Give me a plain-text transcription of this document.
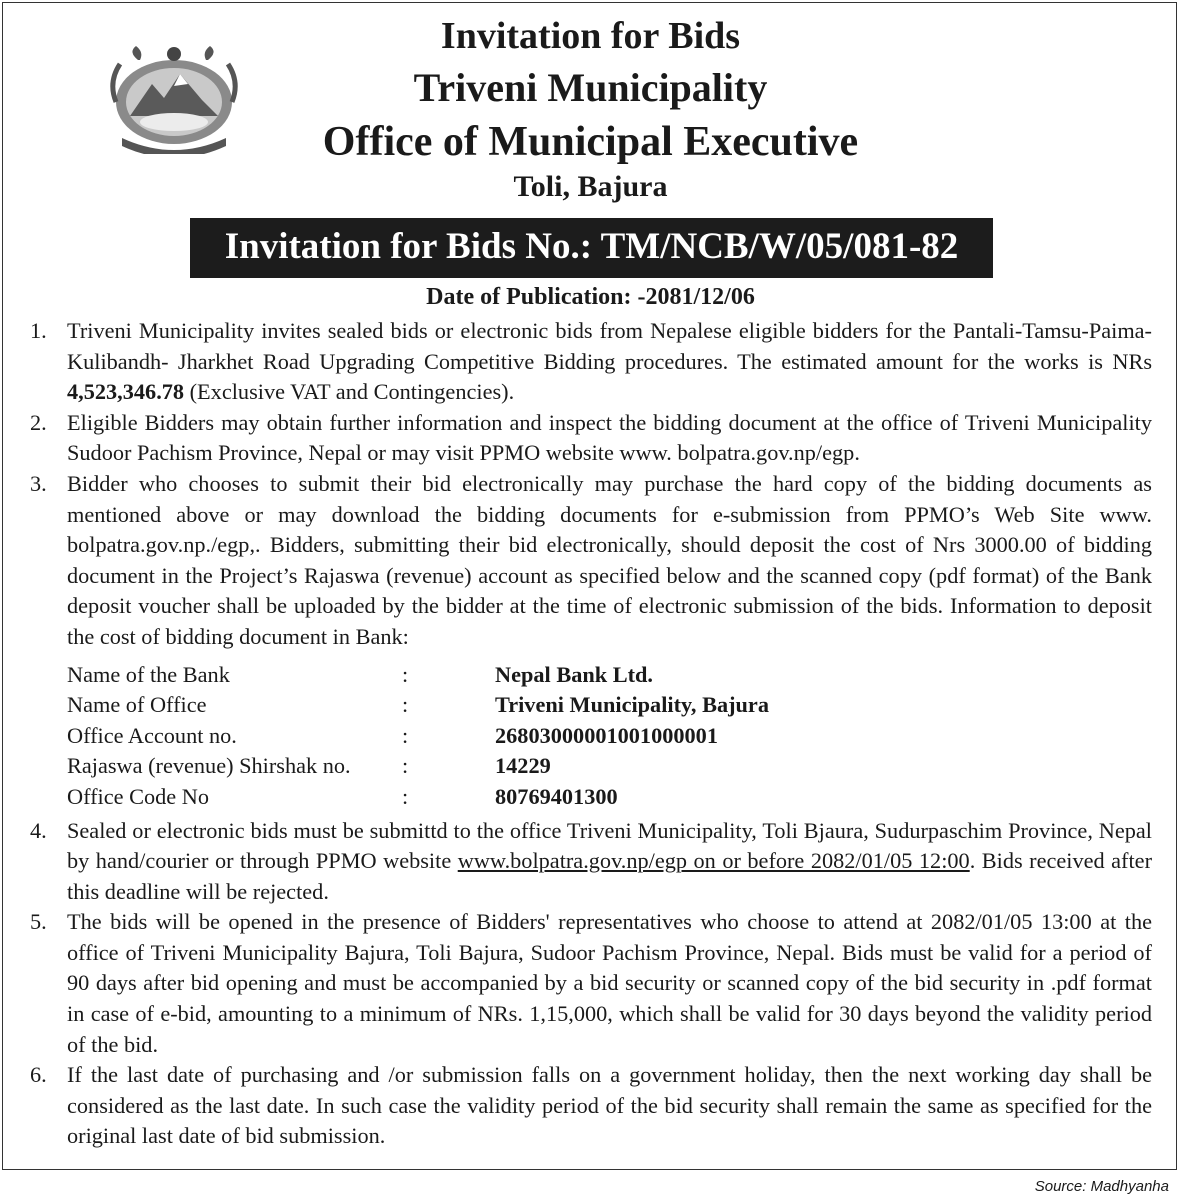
Invitation for Bids

Triveni Municipality

Office of Municipal Executive

Toli, Bajura

Invitation for Bids No.: TM/NCB/W/05/081-82

Date of Publication: -2081/12/06

1. Triveni Municipality invites sealed bids or electronic bids from Nepalese eligible bidders for the Pantali-Tamsu-Paima-Kulibandh- Jharkhet Road Upgrading Competitive Bidding procedures. The estimated amount for the works is NRs 4,523,346.78 (Exclusive VAT and Contingencies).
2. Eligible Bidders may obtain further information and inspect the bidding document at the office of Triveni Municipality Sudoor Pachism Province, Nepal or may visit PPMO website www. bolpatra.gov.np/egp.
3. Bidder who chooses to submit their bid electronically may purchase the hard copy of the bidding documents as mentioned above or may download the bidding documents for e-submission from PPMO’s Web Site www. bolpatra.gov.np./egp,. Bidders, submitting their bid electronically, should deposit the cost of Nrs 3000.00 of bidding document in the Project’s Rajaswa (revenue) account as specified below and the scanned copy (pdf format) of the Bank deposit voucher shall be uploaded by the bidder at the time of electronic submission of the bids. Information to deposit the cost of bidding document in Bank:
Name of the Bank	:	Nepal Bank Ltd.
Name of Office	:	Triveni Municipality, Bajura
Office Account no.	:	26803000001001000001
Rajaswa (revenue) Shirshak no.	:	14229
Office Code No	:	80769401300
4. Sealed or electronic bids must be submittd to the office Triveni Municipality, Toli Bjaura, Sudurpaschim Province, Nepal by hand/courier or through PPMO website www.bolpatra.gov.np/egp on or before 2082/01/05 12:00. Bids received after this deadline will be rejected.
5. The bids will be opened in the presence of Bidders' representatives who choose to attend at 2082/01/05 13:00 at the office of Triveni Municipality Bajura, Toli Bajura, Sudoor Pachism Province, Nepal. Bids must be valid for a period of 90 days after bid opening and must be accompanied by a bid security or scanned copy of the bid security in .pdf format in case of e-bid, amounting to a minimum of NRs. 1,15,000, which shall be valid for 30 days beyond the validity period of the bid.
6. If the last date of purchasing and /or submission falls on a government holiday, then the next working day shall be considered as the last date. In such case the validity period of the bid security shall remain the same as specified for the original last date of bid submission.
Source: Madhyanha
